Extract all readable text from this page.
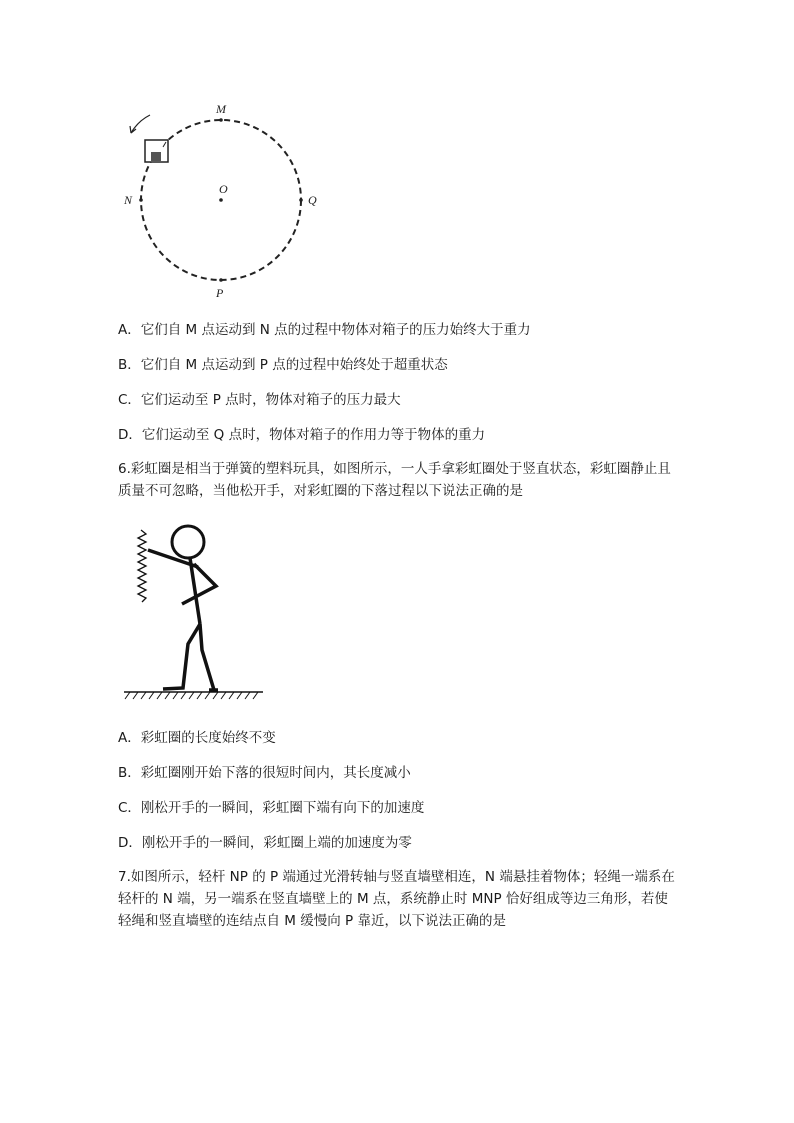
M
N
O
Q
P
A．它们自 M 点运动到 N 点的过程中物体对箱子的压力始终大于重力
B．它们自 M 点运动到 P 点的过程中始终处于超重状态
C．它们运动至 P 点时，物体对箱子的压力最大
D．它们运动至 Q 点时，物体对箱子的作用力等于物体的重力
6.彩虹圈是相当于弹簧的塑料玩具，如图所示，一人手拿彩虹圈处于竖直状态，彩虹圈静止且质量不可忽略，当他松开手，对彩虹圈的下落过程以下说法正确的是
A．彩虹圈的长度始终不变
B．彩虹圈刚开始下落的很短时间内，其长度减小
C．刚松开手的一瞬间，彩虹圈下端有向下的加速度
D．刚松开手的一瞬间，彩虹圈上端的加速度为零
7.如图所示，轻杆 NP 的 P 端通过光滑转轴与竖直墙壁相连，N 端悬挂着物体；轻绳一端系在轻杆的 N 端，另一端系在竖直墙壁上的 M 点，系统静止时 MNP 恰好组成等边三角形，若使轻绳和竖直墙壁的连结点自 M 缓慢向 P 靠近，以下说法正确的是
